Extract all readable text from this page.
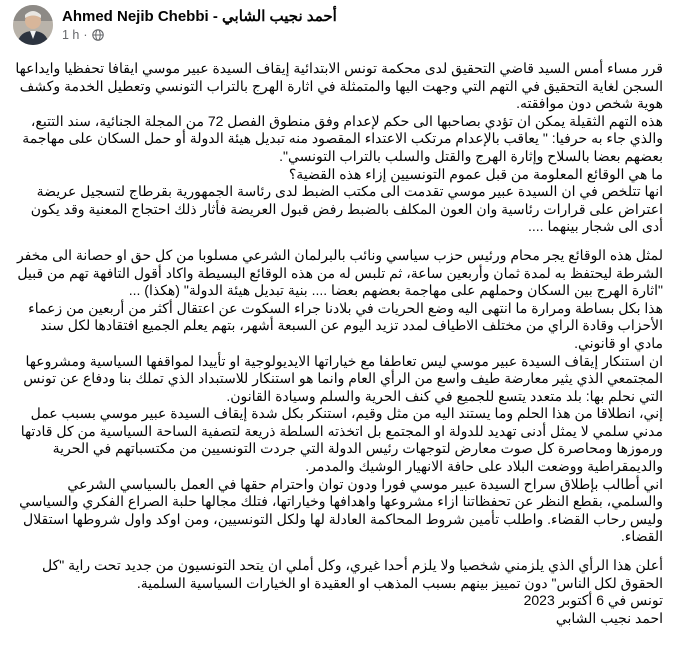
Ahmed Nejib Chebbi - أحمد نجيب الشابي
1 h ·

قرر مساء أمس السيد قاضي التحقيق لدى محكمة تونس الابتدائية إيقاف السيدة عبير موسي ايقافا تحفظيا وايداعها السجن لغاية التحقيق في التهم التي وجهت اليها والمتمثلة في اثارة الهرج بالتراب التونسي وتعطيل الخدمة وكشف هوية شخص دون موافقته.

هذه التهم الثقيلة يمكن ان تؤدي بصاحبها الى حكم لإعدام وفق منطوق الفصل 72 من المجلة الجنائية، سند التتبع، والذي جاء به حرفيا: " يعاقب بالإعدام مرتكب الاعتداء المقصود منه تبديل هيئة الدولة أو حمل السكان على مهاجمة بعضهم بعضا بالسلاح وإثارة الهرج والقتل والسلب بالتراب التونسي".

ما هي الوقائع المعلومة من قبل عموم التونسيين إزاء هذه القضية؟

انها تتلخص في ان السيدة عبير موسي تقدمت الى مكتب الضبط لدى رئاسة الجمهورية بقرطاج لتسجيل عريضة اعتراض على قرارات رئاسية وان العون المكلف بالضبط رفض قبول العريضة فأثار ذلك احتجاج المعنية وقد يكون أدى الى شجار بينهما ....

لمثل هذه الوقائع يجر محام ورئيس حزب سياسي ونائب بالبرلمان الشرعي مسلوبا من كل حق او حصانة الى مخفر الشرطة ليحتفظ به لمدة ثمان وأربعين ساعة، ثم تلبس له من هذه الوقائع البسيطة واكاد أقول التافهة تهم من قبيل "اثارة الهرج بين السكان وحملهم على مهاجمة بعضهم بعضا .... بنية تبديل هيئة الدولة" (هكذا) ...

هذا بكل بساطة ومرارة ما انتهى اليه وضع الحريات في بلادنا جراء السكوت عن اعتقال أكثر من أربعين من زعماء الأحزاب وقادة الراي من مختلف الاطياف لمدد تزيد اليوم عن السبعة أشهر، بتهم يعلم الجميع افتقادها لكل سند مادي او قانوني.

ان استنكار إيقاف السيدة عبير موسي ليس تعاطفا مع خياراتها الايديولوجية او تأييدا لمواقفها السياسية ومشروعها المجتمعي الذي يثير معارضة طيف واسع من الرأي العام وانما هو استنكار للاستبداد الذي تملك بنا ودفاع عن تونس التي نحلم بها: بلد متعدد يتسع للجميع في كنف الحرية والسلم وسيادة القانون.

إني، انطلاقا من هذا الحلم وما يستند اليه من مثل وقيم، استنكر بكل شدة إيقاف السيدة عبير موسي بسبب عمل مدني سلمي لا يمثل أدنى تهديد للدولة او المجتمع بل اتخذته السلطة ذريعة لتصفية الساحة السياسية من كل قادتها ورموزها ومحاصرة كل صوت معارض لتوجهات رئيس الدولة التي جردت التونسيين من مكتسباتهم في الحرية والديمقراطية ووضعت البلاد على حافة الانهيار الوشيك والمدمر.

اني أطالب بإطلاق سراح السيدة عبير موسي فورا ودون توان واحترام حقها في العمل بالسياسي الشرعي والسلمي، بقطع النظر عن تحفظاتنا ازاء مشروعها واهدافها وخياراتها، فتلك مجالها حلبة الصراع الفكري والسياسي وليس رحاب القضاء. واطلب تأمين شروط المحاكمة العادلة لها ولكل التونسيين، ومن اوكد واول شروطها استقلال القضاء.

أعلن هذا الرأي الذي يلزمني شخصيا ولا يلزم أحدا غيري، وكل أملي ان يتحد التونسيون من جديد تحت راية "كل الحقوق لكل الناس" دون تمييز بينهم بسبب المذهب او العقيدة او الخيارات السياسية السلمية.

تونس في 6 أكتوبر 2023

احمد نجيب الشابي
